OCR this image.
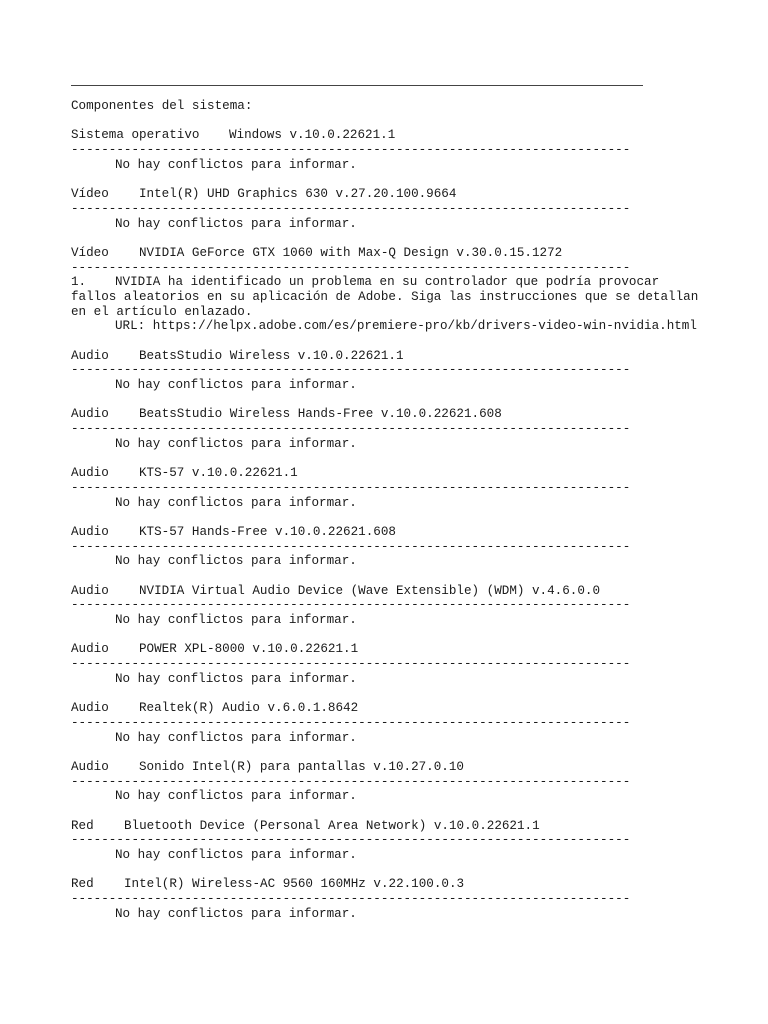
Componentes del sistema:
Sistema operativo Windows v.10.0.22621.1
--------------------------------------------------------------------------
No hay conflictos para informar.
Vídeo Intel(R) UHD Graphics 630 v.27.20.100.9664
--------------------------------------------------------------------------
No hay conflictos para informar.
Vídeo NVIDIA GeForce GTX 1060 with Max-Q Design v.30.0.15.1272
--------------------------------------------------------------------------
1. NVIDIA ha identificado un problema en su controlador que podría provocar
fallos aleatorios en su aplicación de Adobe. Siga las instrucciones que se detallan
en el artículo enlazado.
URL: https://helpx.adobe.com/es/premiere-pro/kb/drivers-video-win-nvidia.html
Audio BeatsStudio Wireless v.10.0.22621.1
--------------------------------------------------------------------------
No hay conflictos para informar.
Audio BeatsStudio Wireless Hands-Free v.10.0.22621.608
--------------------------------------------------------------------------
No hay conflictos para informar.
Audio KTS-57 v.10.0.22621.1
--------------------------------------------------------------------------
No hay conflictos para informar.
Audio KTS-57 Hands-Free v.10.0.22621.608
--------------------------------------------------------------------------
No hay conflictos para informar.
Audio NVIDIA Virtual Audio Device (Wave Extensible) (WDM) v.4.6.0.0
--------------------------------------------------------------------------
No hay conflictos para informar.
Audio POWER XPL-8000 v.10.0.22621.1
--------------------------------------------------------------------------
No hay conflictos para informar.
Audio Realtek(R) Audio v.6.0.1.8642
--------------------------------------------------------------------------
No hay conflictos para informar.
Audio Sonido Intel(R) para pantallas v.10.27.0.10
--------------------------------------------------------------------------
No hay conflictos para informar.
Red Bluetooth Device (Personal Area Network) v.10.0.22621.1
--------------------------------------------------------------------------
No hay conflictos para informar.
Red Intel(R) Wireless-AC 9560 160MHz v.22.100.0.3
--------------------------------------------------------------------------
No hay conflictos para informar.
